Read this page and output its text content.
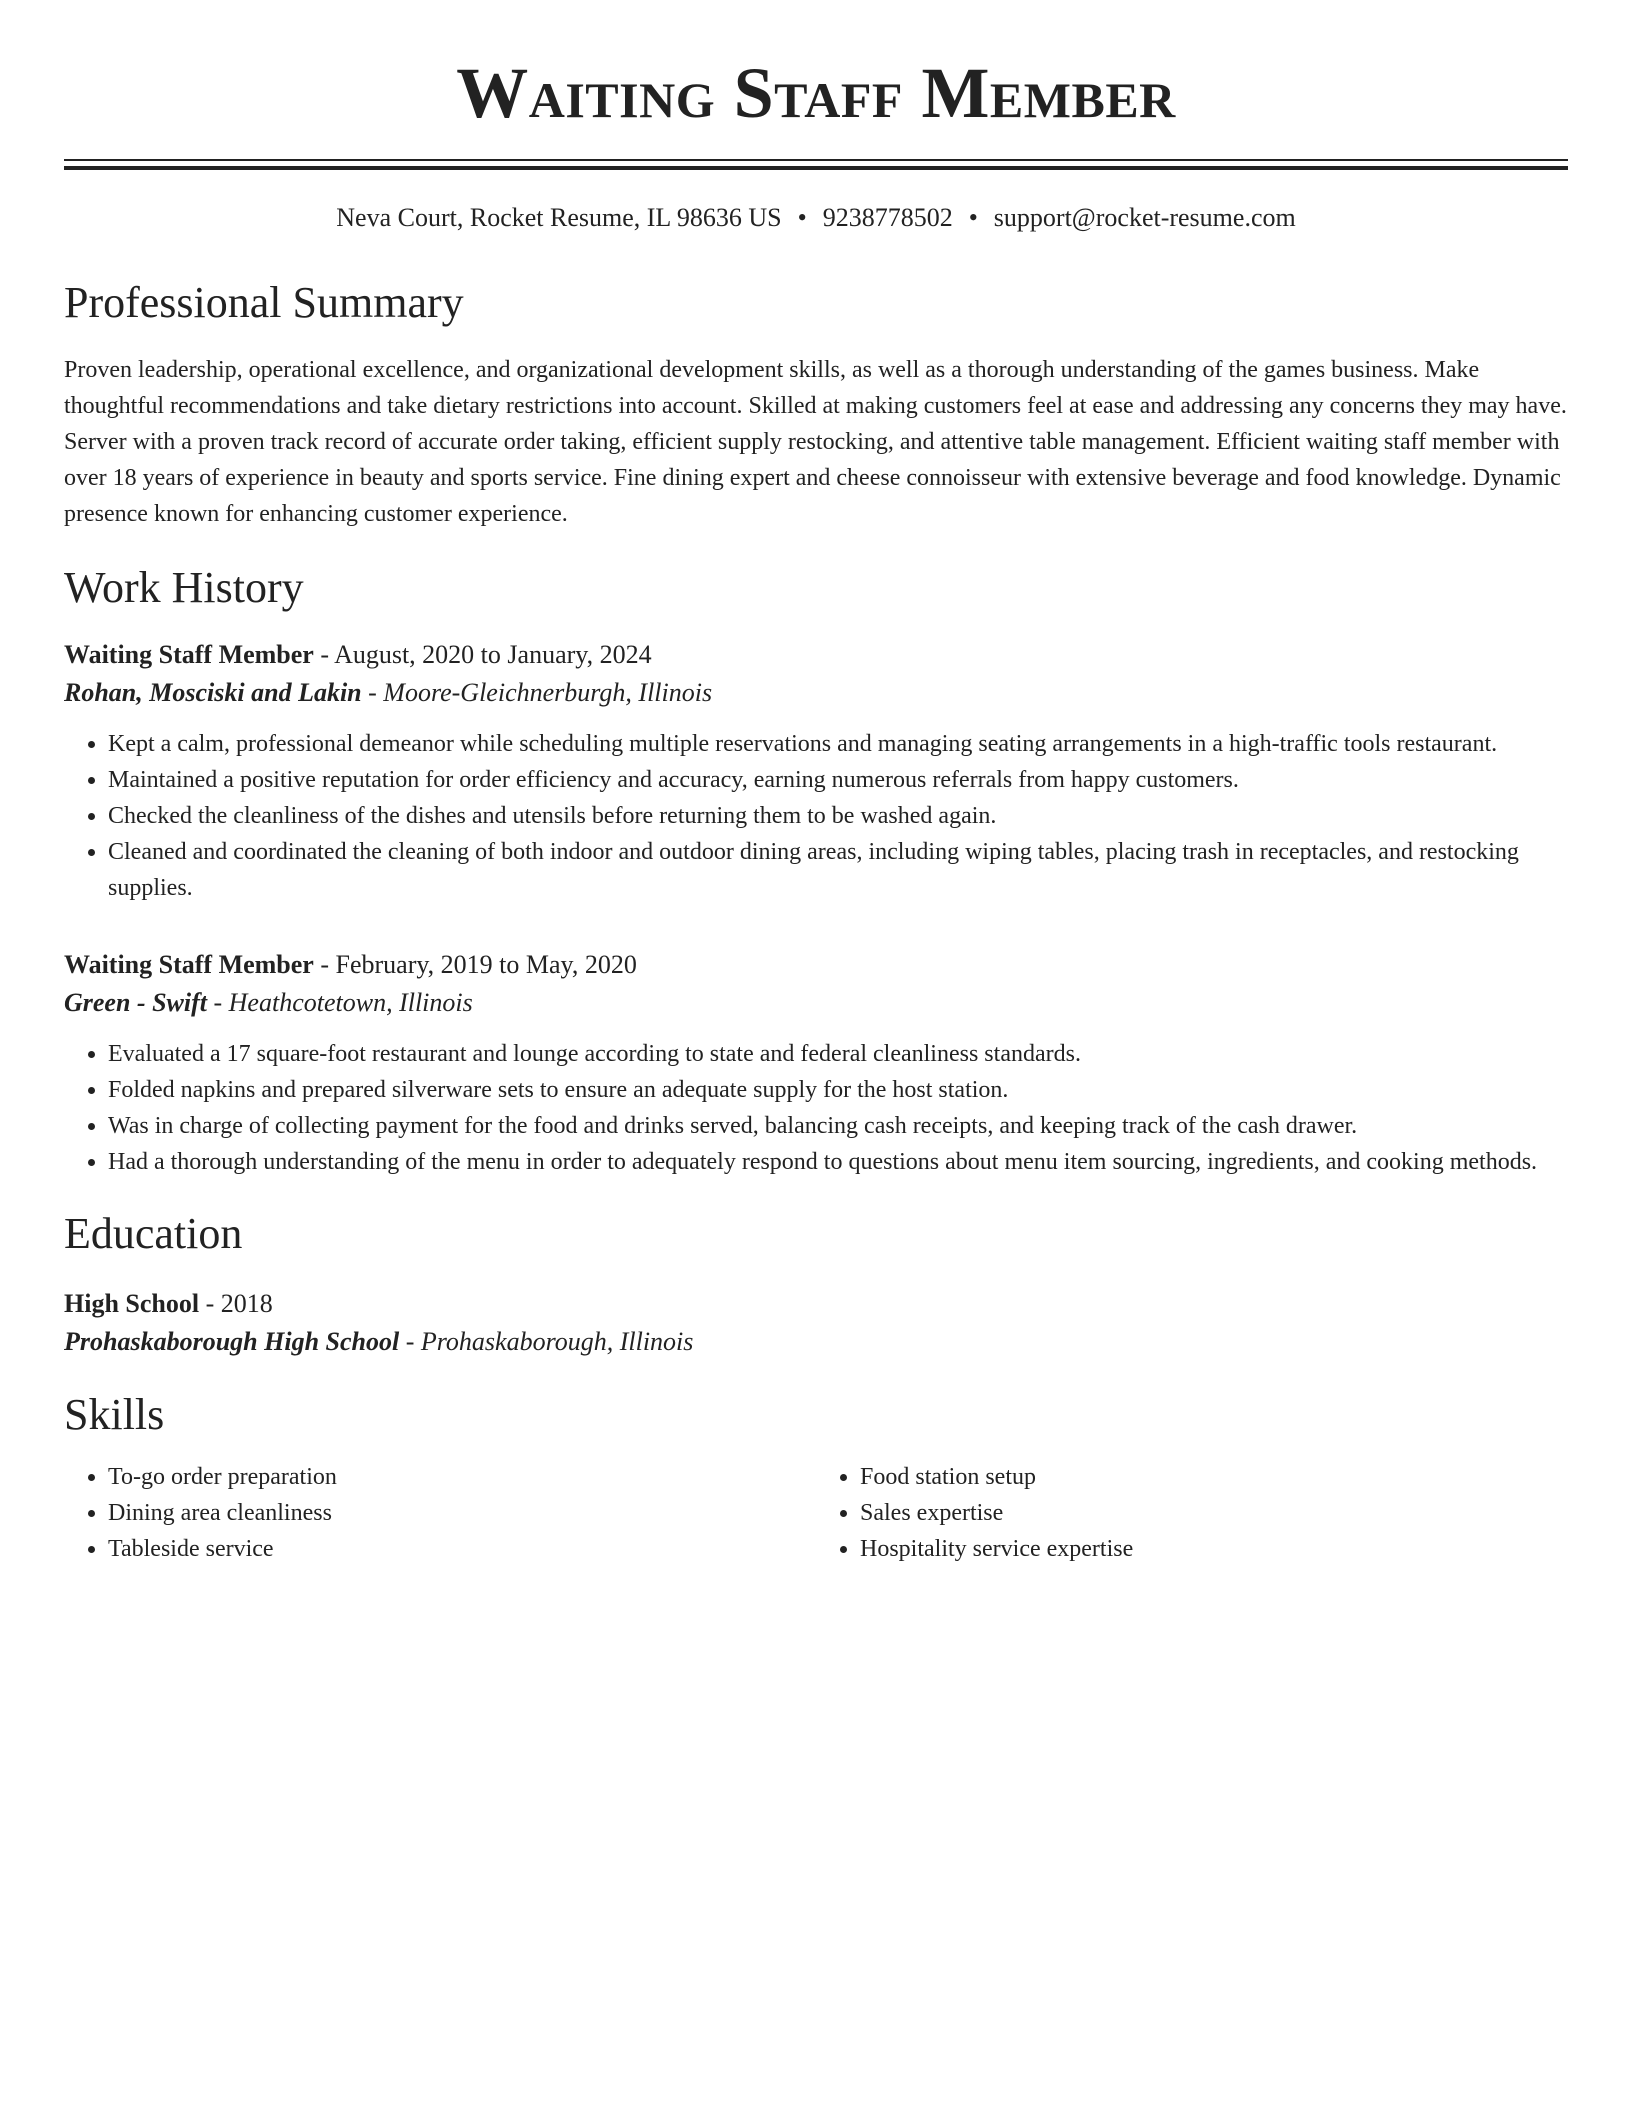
Waiting Staff Member
Neva Court, Rocket Resume, IL 98636 US • 9238778502 • support@rocket-resume.com
Professional Summary

Proven leadership, operational excellence, and organizational development skills, as well as a thorough understanding of the games business. Make thoughtful recommendations and take dietary restrictions into account. Skilled at making customers feel at ease and addressing any concerns they may have. Server with a proven track record of accurate order taking, efficient supply restocking, and attentive table management. Efficient waiting staff member with over 18 years of experience in beauty and sports service. Fine dining expert and cheese connoisseur with extensive beverage and food knowledge. Dynamic presence known for enhancing customer experience.

Work History
Waiting Staff Member - August, 2020 to January, 2024
Rohan, Mosciski and Lakin - Moore-Gleichnerburgh, Illinois
• Kept a calm, professional demeanor while scheduling multiple reservations and managing seating arrangements in a high-traffic tools restaurant.
• Maintained a positive reputation for order efficiency and accuracy, earning numerous referrals from happy customers.
• Checked the cleanliness of the dishes and utensils before returning them to be washed again.
• Cleaned and coordinated the cleaning of both indoor and outdoor dining areas, including wiping tables, placing trash in receptacles, and restocking supplies.
Waiting Staff Member - February, 2019 to May, 2020
Green - Swift - Heathcotetown, Illinois
• Evaluated a 17 square-foot restaurant and lounge according to state and federal cleanliness standards.
• Folded napkins and prepared silverware sets to ensure an adequate supply for the host station.
• Was in charge of collecting payment for the food and drinks served, balancing cash receipts, and keeping track of the cash drawer.
• Had a thorough understanding of the menu in order to adequately respond to questions about menu item sourcing, ingredients, and cooking methods.
Education
High School - 2018
Prohaskaborough High School - Prohaskaborough, Illinois
Skills
• To-go order preparation
• Dining area cleanliness
• Tableside service
• Food station setup
• Sales expertise
• Hospitality service expertise
